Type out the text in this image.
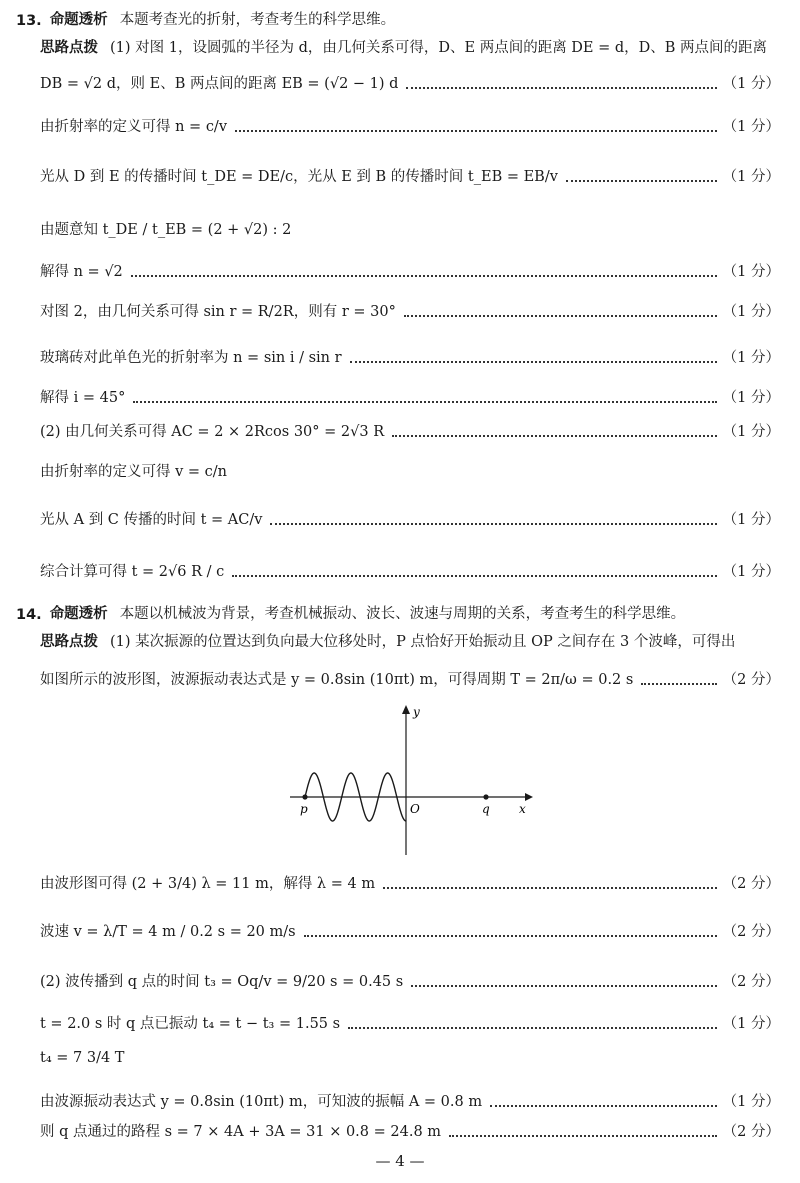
13. 命题透析 本题考查光的折射，考查考生的科学思维。
思路点拨 (1) 对图 1，设圆弧的半径为 d，由几何关系可得，D、E 两点间的距离 DE = d，D、B 两点间的距离
DB = √2 d，则 E、B 两点间的距离 EB = (√2 − 1) d	（1 分）
由折射率的定义可得 n = c/v	（1 分）
光从 D 到 E 的传播时间 t_DE = DE/c，光从 E 到 B 的传播时间 t_EB = EB/v	（1 分）
由题意知 t_DE / t_EB = (2 + √2) : 2
解得 n = √2	（1 分）
对图 2，由几何关系可得 sin r = R/2R，则有 r = 30°	（1 分）
玻璃砖对此单色光的折射率为 n = sin i / sin r	（1 分）
解得 i = 45°	（1 分）
(2) 由几何关系可得 AC = 2 × 2Rcos 30° = 2√3 R	（1 分）
由折射率的定义可得 v = c/n
光从 A 到 C 传播的时间 t = AC/v	（1 分）
综合计算可得 t = 2√6 R / c	（1 分）
14. 命题透析 本题以机械波为背景，考查机械振动、波长、波速与周期的关系，考查考生的科学思维。
思路点拨 (1) 某次振源的位置达到负向最大位移处时，P 点恰好开始振动且 OP 之间存在 3 个波峰，可得出
如图所示的波形图，波源振动表达式是 y = 0.8sin (10πt) m，可得周期 T = 2π/ω = 0.2 s	（2 分）
y
x
O
p	q
由波形图可得 (2 + 3/4) λ = 11 m，解得 λ = 4 m	（2 分）
波速 v = λ/T = 4 m / 0.2 s = 20 m/s	（2 分）
(2) 波传播到 q 点的时间 t₃ = Oq/v = 9/20 s = 0.45 s	（2 分）
t = 2.0 s 时 q 点已振动 t₄ = t − t₃ = 1.55 s	（1 分）
t₄ = 7 3/4 T
由波源振动表达式 y = 0.8sin (10πt) m，可知波的振幅 A = 0.8 m	（1 分）
则 q 点通过的路程 s = 7 × 4A + 3A = 31 × 0.8 = 24.8 m	（2 分）
— 4 —
